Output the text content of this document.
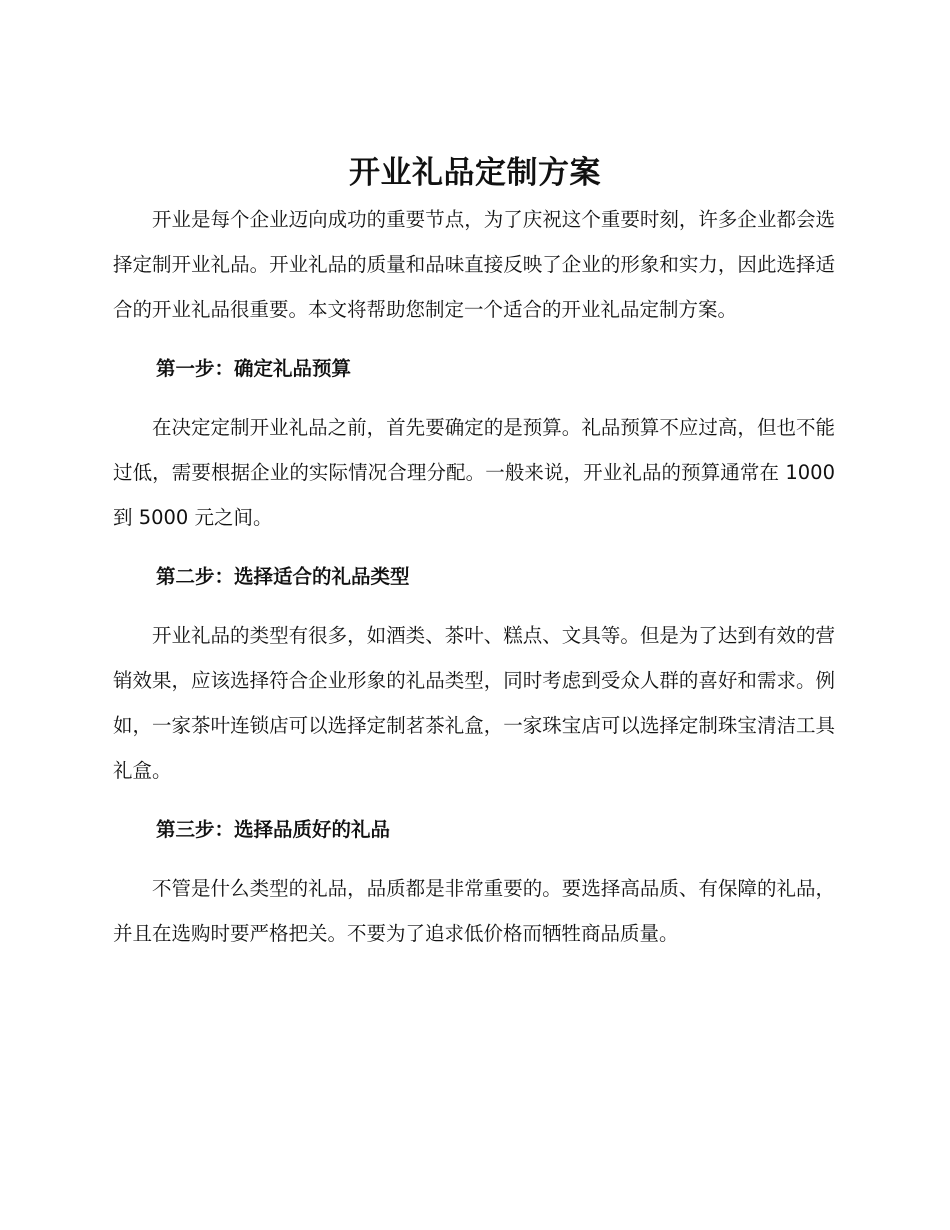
开业礼品定制方案

开业是每个企业迈向成功的重要节点，为了庆祝这个重要时刻，许多企业都会选择定制开业礼品。开业礼品的质量和品味直接反映了企业的形象和实力，因此选择适合的开业礼品很重要。本文将帮助您制定一个适合的开业礼品定制方案。

第一步：确定礼品预算

在决定定制开业礼品之前，首先要确定的是预算。礼品预算不应过高，但也不能过低，需要根据企业的实际情况合理分配。一般来说，开业礼品的预算通常在 1000 到 5000 元之间。

第二步：选择适合的礼品类型

开业礼品的类型有很多，如酒类、茶叶、糕点、文具等。但是为了达到有效的营销效果，应该选择符合企业形象的礼品类型，同时考虑到受众人群的喜好和需求。例如，一家茶叶连锁店可以选择定制茗茶礼盒，一家珠宝店可以选择定制珠宝清洁工具礼盒。

第三步：选择品质好的礼品

不管是什么类型的礼品，品质都是非常重要的。要选择高品质、有保障的礼品，并且在选购时要严格把关。不要为了追求低价格而牺牲商品质量。
